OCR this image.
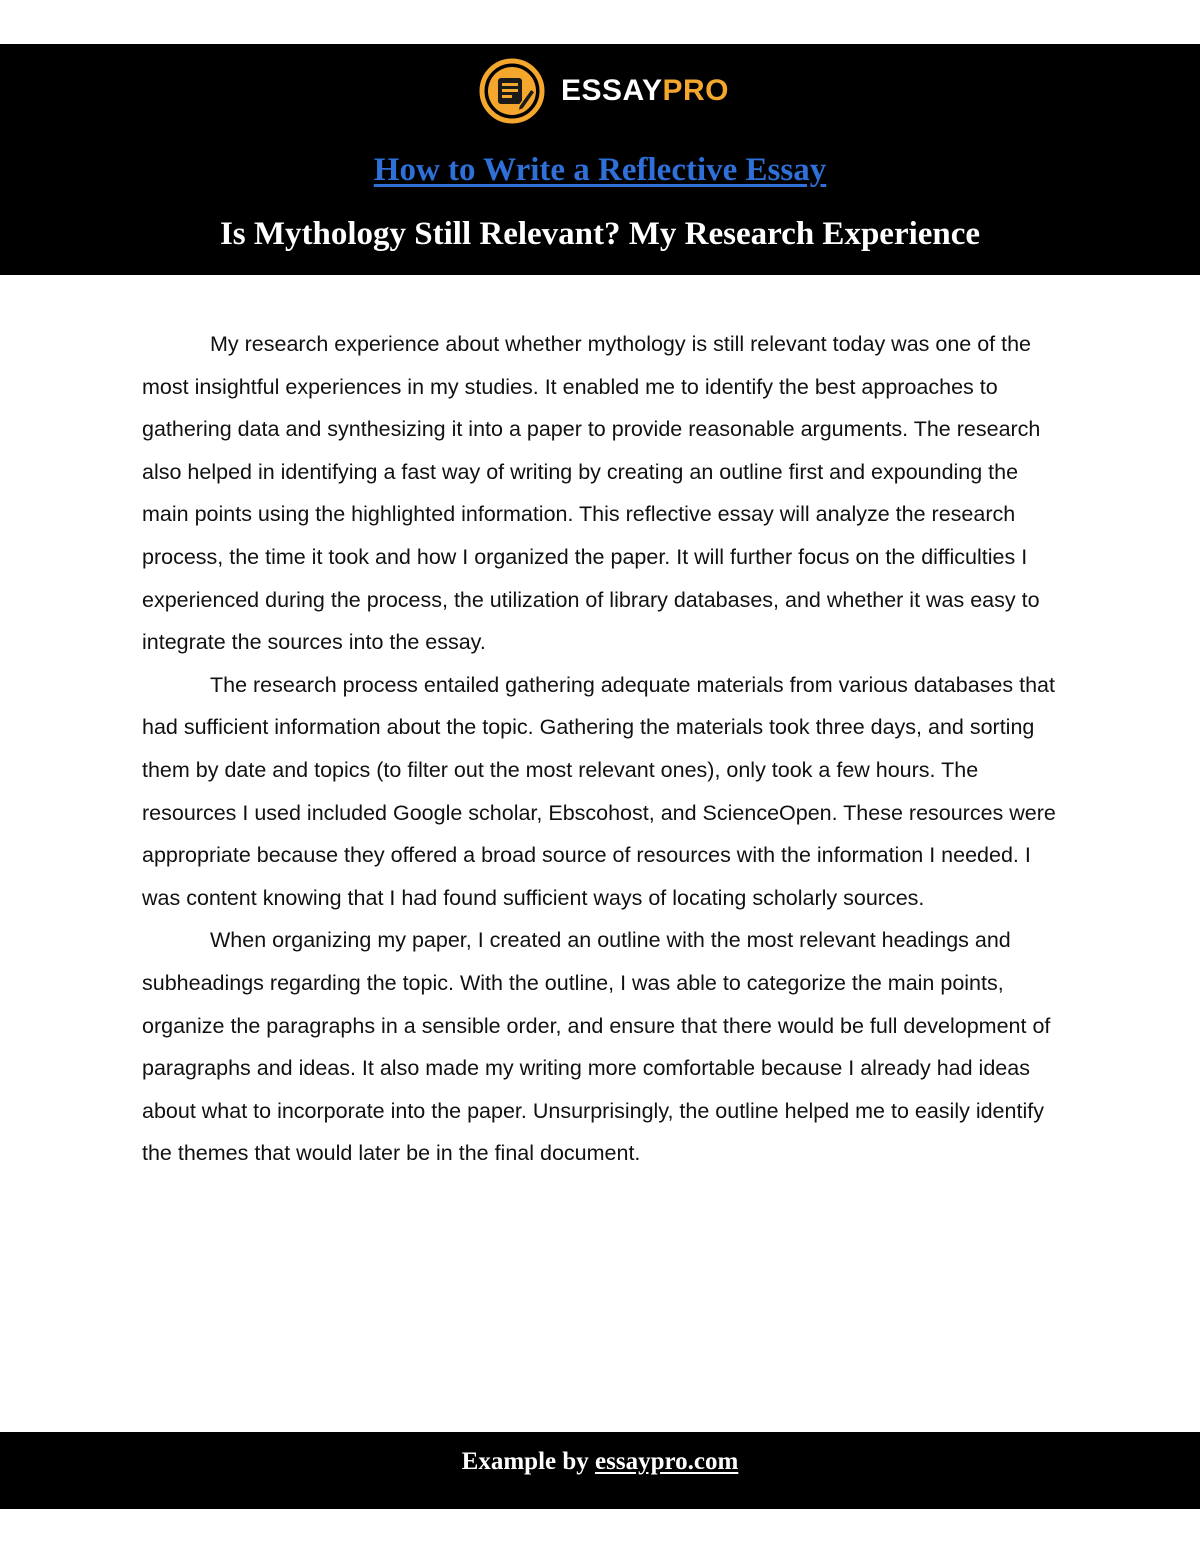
ESSAYPRO
How to Write a Reflective Essay
Is Mythology Still Relevant? My Research Experience

My research experience about whether mythology is still relevant today was one of the most insightful experiences in my studies. It enabled me to identify the best approaches to gathering data and synthesizing it into a paper to provide reasonable arguments. The research also helped in identifying a fast way of writing by creating an outline first and expounding the main points using the highlighted information. This reflective essay will analyze the research process, the time it took and how I organized the paper. It will further focus on the difficulties I experienced during the process, the utilization of library databases, and whether it was easy to integrate the sources into the essay.

The research process entailed gathering adequate materials from various databases that had sufficient information about the topic. Gathering the materials took three days, and sorting them by date and topics (to filter out the most relevant ones), only took a few hours. The resources I used included Google scholar, Ebscohost, and ScienceOpen. These resources were appropriate because they offered a broad source of resources with the information I needed. I was content knowing that I had found sufficient ways of locating scholarly sources.

When organizing my paper, I created an outline with the most relevant headings and subheadings regarding the topic. With the outline, I was able to categorize the main points, organize the paragraphs in a sensible order, and ensure that there would be full development of paragraphs and ideas. It also made my writing more comfortable because I already had ideas about what to incorporate into the paper. Unsurprisingly, the outline helped me to easily identify the themes that would later be in the final document.

Example by essaypro.com
